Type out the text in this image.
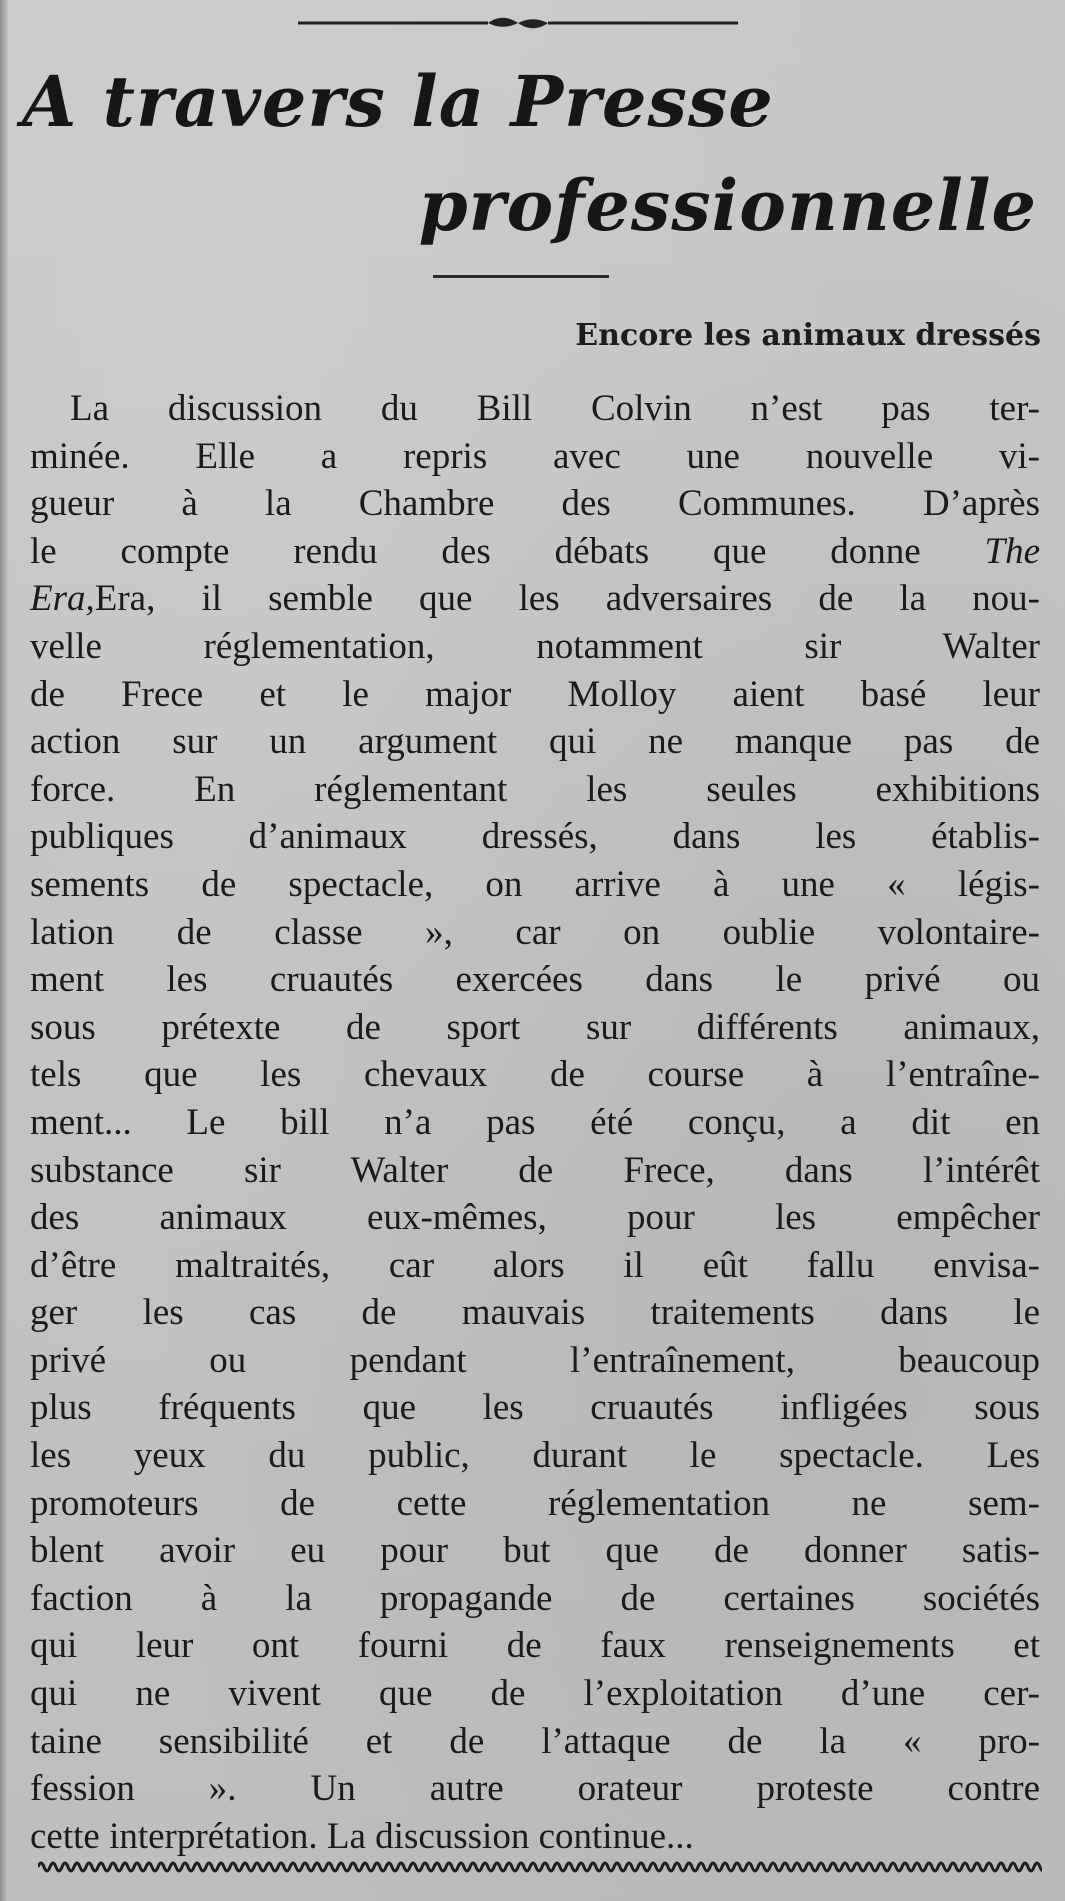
A travers la Presse
professionnelle
Encore les animaux dressés
La discussion du Bill Colvin n’est pas ter-
minée. Elle a repris avec une nouvelle vi-
gueur à la Chambre des Communes. D’après
le compte rendu des débats que donne The
Era,Era, il semble que les adversaires de la nou-
velle réglementation, notamment sir Walter
de Frece et le major Molloy aient basé leur
action sur un argument qui ne manque pas de
force. En réglementant les seules exhibitions
publiques d’animaux dressés, dans les établis-
sements de spectacle, on arrive à une « légis-
lation de classe », car on oublie volontaire-
ment les cruautés exercées dans le privé ou
sous prétexte de sport sur différents animaux,
tels que les chevaux de course à l’entraîne-
ment... Le bill n’a pas été conçu, a dit en
substance sir Walter de Frece, dans l’intérêt
des animaux eux-mêmes, pour les empêcher
d’être maltraités, car alors il eût fallu envisa-
ger les cas de mauvais traitements dans le
privé ou pendant l’entraînement, beaucoup
plus fréquents que les cruautés infligées sous
les yeux du public, durant le spectacle. Les
promoteurs de cette réglementation ne sem-
blent avoir eu pour but que de donner satis-
faction à la propagande de certaines sociétés
qui leur ont fourni de faux renseignements et
qui ne vivent que de l’exploitation d’une cer-
taine sensibilité et de l’attaque de la « pro-
fession ». Un autre orateur proteste contre
cette interprétation. La discussion continue...
